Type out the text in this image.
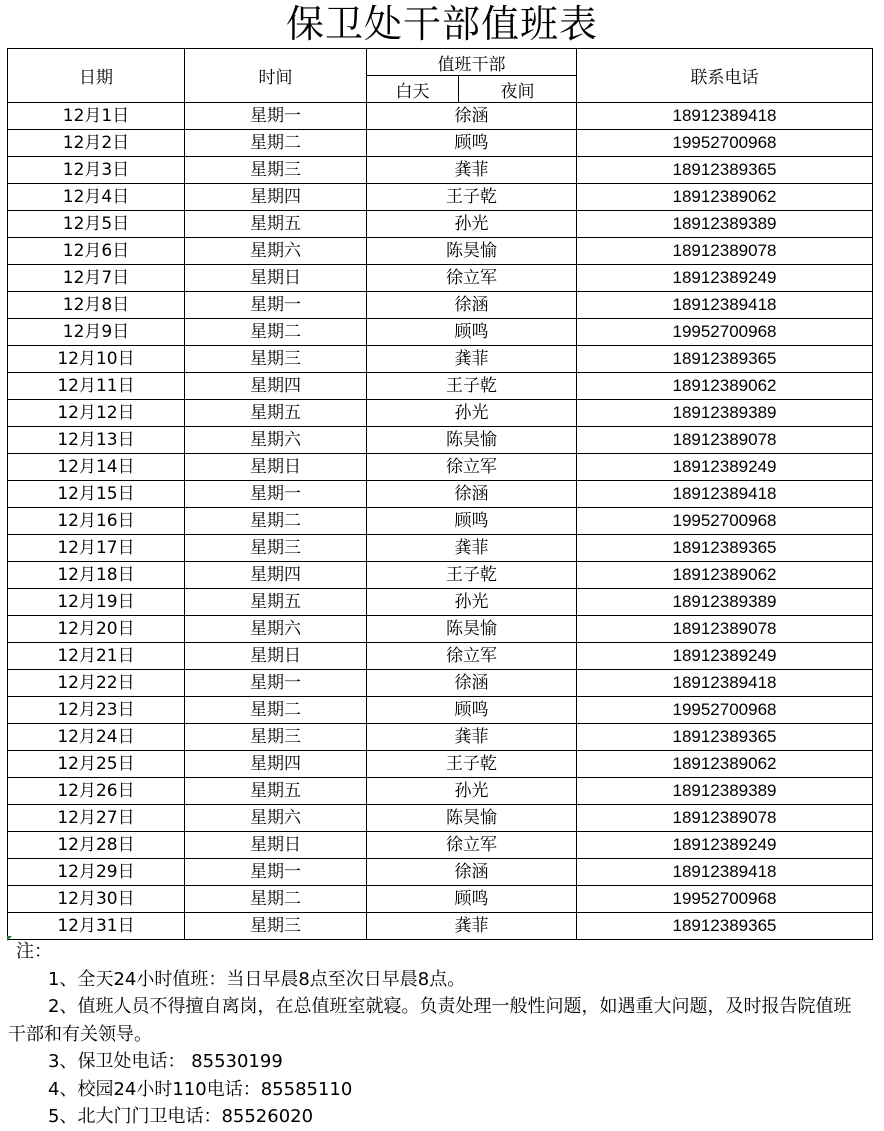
保卫处干部值班表
日期	时间	值班干部		联系电话
		白天	夜间	
12月1日	星期一	徐涵		18912389418
12月2日	星期二	顾鸣		19952700968
12月3日	星期三	龚菲		18912389365
12月4日	星期四	王子乾		18912389062
12月5日	星期五	孙光		18912389389
12月6日	星期六	陈昊愉		18912389078
12月7日	星期日	徐立军		18912389249
12月8日	星期一	徐涵		18912389418
12月9日	星期二	顾鸣		19952700968
12月10日	星期三	龚菲		18912389365
12月11日	星期四	王子乾		18912389062
12月12日	星期五	孙光		18912389389
12月13日	星期六	陈昊愉		18912389078
12月14日	星期日	徐立军		18912389249
12月15日	星期一	徐涵		18912389418
12月16日	星期二	顾鸣		19952700968
12月17日	星期三	龚菲		18912389365
12月18日	星期四	王子乾		18912389062
12月19日	星期五	孙光		18912389389
12月20日	星期六	陈昊愉		18912389078
12月21日	星期日	徐立军		18912389249
12月22日	星期一	徐涵		18912389418
12月23日	星期二	顾鸣		19952700968
12月24日	星期三	龚菲		18912389365
12月25日	星期四	王子乾		18912389062
12月26日	星期五	孙光		18912389389
12月27日	星期六	陈昊愉		18912389078
12月28日	星期日	徐立军		18912389249
12月29日	星期一	徐涵		18912389418
12月30日	星期二	顾鸣		19952700968
12月31日	星期三	龚菲		18912389365
注：
1、全天24小时值班：当日早晨8点至次日早晨8点。
2、值班人员不得擅自离岗，在总值班室就寝。负责处理一般性问题，如遇重大问题，及时报告院值班干部和有关领导。
3、保卫处电话： 85530199
4、校园24小时110电话：85585110
5、北大门门卫电话：85526020
